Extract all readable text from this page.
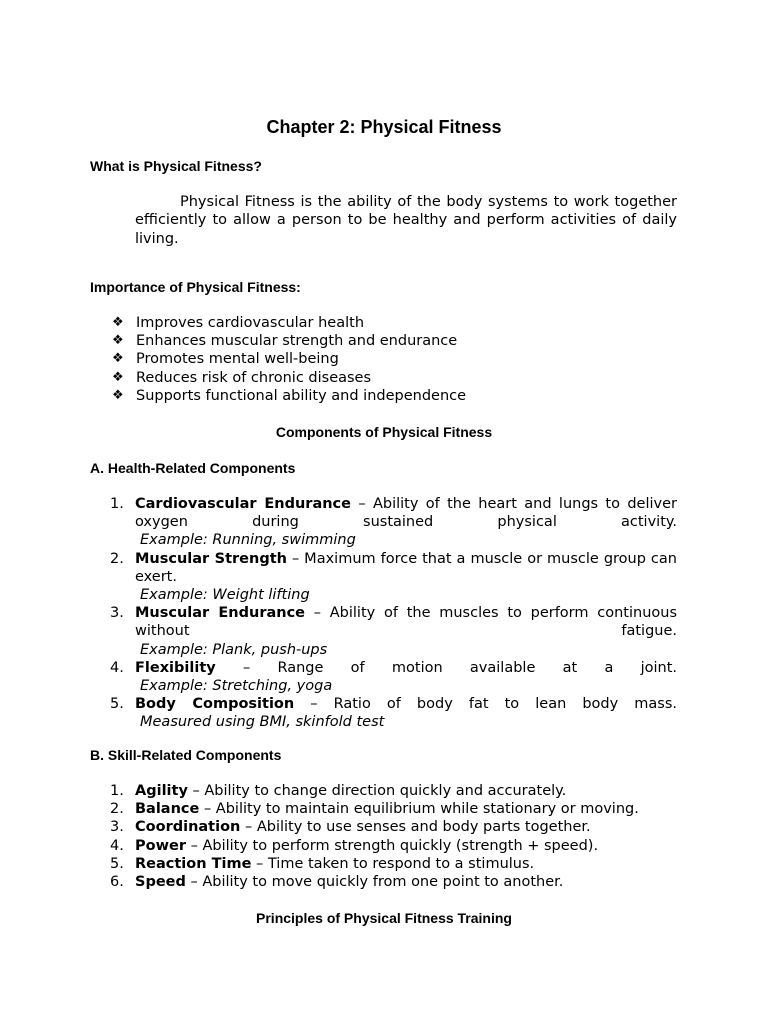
Chapter 2: Physical Fitness
What is Physical Fitness?
Physical Fitness is the ability of the body systems to work together efficiently to allow a person to be healthy and perform activities of daily living.
Importance of Physical Fitness:
❖ Improves cardiovascular health
❖ Enhances muscular strength and endurance
❖ Promotes mental well-being
❖ Reduces risk of chronic diseases
❖ Supports functional ability and independence
Components of Physical Fitness
A. Health-Related Components
1. Cardiovascular Endurance – Ability of the heart and lungs to deliver oxygen during sustained physical activity.
Example: Running, swimming
2. Muscular Strength – Maximum force that a muscle or muscle group can exert.
Example: Weight lifting
3. Muscular Endurance – Ability of the muscles to perform continuous without fatigue.
Example: Plank, push-ups
4. Flexibility – Range of motion available at a joint.
Example: Stretching, yoga
5. Body Composition – Ratio of body fat to lean body mass.
Measured using BMI, skinfold test
B. Skill-Related Components
1. Agility – Ability to change direction quickly and accurately.
2. Balance – Ability to maintain equilibrium while stationary or moving.
3. Coordination – Ability to use senses and body parts together.
4. Power – Ability to perform strength quickly (strength + speed).
5. Reaction Time – Time taken to respond to a stimulus.
6. Speed – Ability to move quickly from one point to another.
Principles of Physical Fitness Training
